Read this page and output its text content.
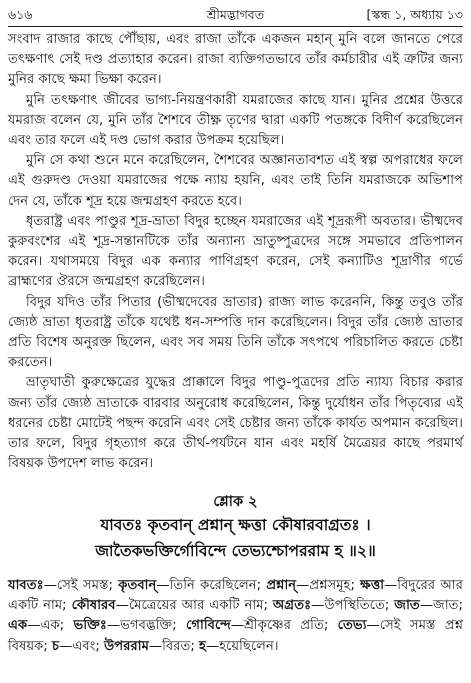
৬১৬	শ্রীমদ্ভাগবত	[স্কন্ধ ১, অধ্যায় ১৩

সংবাদ রাজার কাছে পৌঁছায়, এবং রাজা তাঁকে একজন মহান্ মুনি বলে জানতে পেরে তৎক্ষণাৎ সেই দণ্ড প্রত্যাহার করেন। রাজা ব্যক্তিগতভাবে তাঁর কর্মচারীর এই ত্রুটির জন্য মুনির কাছে ক্ষমা ভিক্ষা করেন।

মুনি তৎক্ষণাৎ জীবের ভাগ্য-নিয়ন্ত্রণকারী যমরাজের কাছে যান। মুনির প্রশ্নের উত্তরে যমরাজ বলেন যে, মুনি তাঁর শৈশবে তীক্ষ্ণ তৃণের দ্বারা একটি পতঙ্গকে বিদীর্ণ করেছিলেন এবং তার ফলে এই দণ্ড ভোগ করার উপক্রম হয়েছিল।

মুনি সে কথা শুনে মনে করেছিলেন, শৈশবের অজ্ঞানতাবশত এই স্বল্প অপরাধের ফলে এই গুরুদণ্ড দেওয়া যমরাজের পক্ষে ন্যায় হয়নি, এবং তাই তিনি যমরাজকে অভিশাপ দেন যে, তাঁকে শূদ্র হয়ে জন্মগ্রহণ করতে হবে।

ধৃতরাষ্ট্র এবং পাণ্ডুর শূদ্র-ভ্রাতা বিদুর হচ্ছেন যমরাজের এই শূদ্ররূপী অবতার। ভীষ্মদেব কুরুবংশের এই শূদ্র-সন্তানটিকে তাঁর অন্যান্য ভ্রাতুষ্পুত্রদের সঙ্গে সমভাবে প্রতিপালন করেন। যথাসময়ে বিদুর এক কন্যার পাণিগ্রহণ করেন, সেই কন্যাটিও শূদ্রাণীর গর্ভে ব্রাহ্মণের ঔরসে জন্মগ্রহণ করেছিলেন।

বিদুর যদিও তাঁর পিতার (ভীষ্মদেবের ভ্রাতার) রাজ্য লাভ করেননি, কিন্তু তবুও তাঁর জ্যেষ্ঠ ভ্রাতা ধৃতরাষ্ট্র তাঁকে যথেষ্ট ধন-সম্পত্তি দান করেছিলেন। বিদুর তাঁর জ্যেষ্ঠ ভ্রাতার প্রতি বিশেষ অনুরক্ত ছিলেন, এবং সব সময় তিনি তাঁকে সৎপথে পরিচালিত করতে চেষ্টা করতেন।

ভ্রাতৃঘাতী কুরুক্ষেত্রের যুদ্ধের প্রাক্কালে বিদুর পাণ্ডু-পুত্রদের প্রতি ন্যায্য বিচার করার জন্য তাঁর জ্যেষ্ঠ ভ্রাতাকে বারবার অনুরোধ করেছিলেন, কিন্তু দুর্যোধন তাঁর পিতৃব্যের এই ধরনের চেষ্টা মোটেই পছন্দ করেনি এবং সেই চেষ্টার জন্য তাঁকে কার্যত অপমান করেছিল। তার ফলে, বিদুর গৃহত্যাগ করে তীর্থ-পর্যটনে যান এবং মহর্ষি মৈত্রেয়র কাছে পরমার্থ বিষয়ক উপদেশ লাভ করেন।

শ্লোক ২
যাবতঃ কৃতবান্ প্রশ্নান্ ক্ষত্তা কৌষারবাগ্রতঃ ।
জাতৈকভক্তির্গোবিন্দে তেভ্যশ্চোপররাম হ ॥২॥

যাবতঃ—সেই সমস্ত; কৃতবান্—তিনি করেছিলেন; প্রশ্নান্—প্রশ্নসমূহ; ক্ষত্তা—বিদুরের আর একটি নাম; কৌষারব—মৈত্রেয়ের আর একটি নাম; অগ্রতঃ—উপস্থিতিতে; জাত—জাত; এক—এক; ভক্তিঃ—ভগবদ্ভক্তি; গোবিন্দে—শ্রীকৃষ্ণের প্রতি; তেভ্য—সেই সমস্ত প্রশ্ন বিষয়ক; চ—এবং; উপররাম—বিরত; হ—হয়েছিলেন।
